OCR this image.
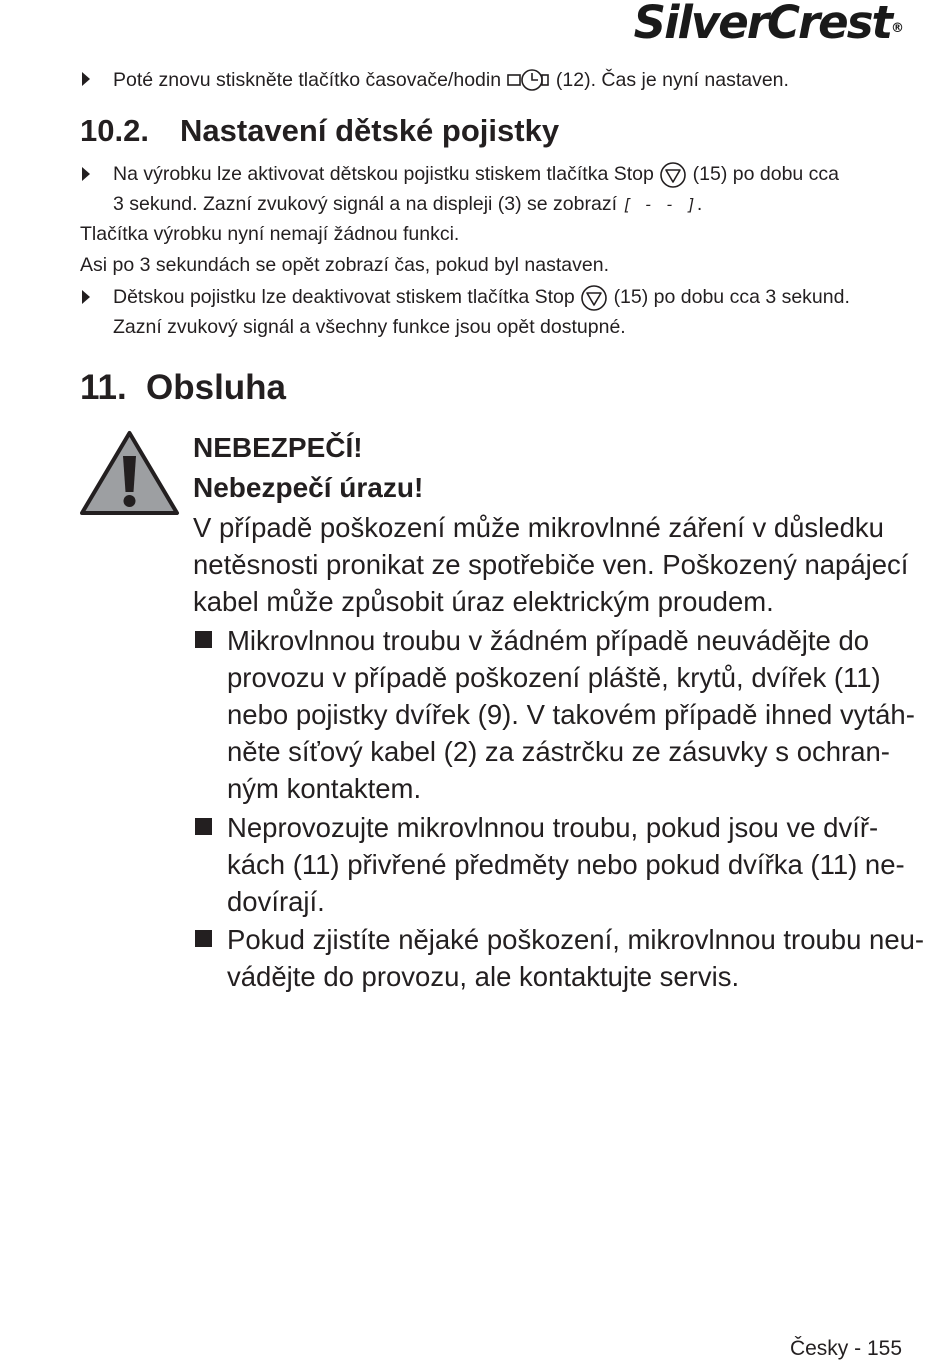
SilverCrest®
Poté znovu stiskněte tlačítko časovače/hodin	(12). Čas je nyní nastaven.
10.2. Nastavení dětské pojistky
Na výrobku lze aktivovat dětskou pojistku stiskem tlačítka Stop (15) po dobu cca
3 sekund. Zazní zvukový signál a na displeji (3) se zobrazí [ - - ].
Tlačítka výrobku nyní nemají žádnou funkci.
Asi po 3 sekundách se opět zobrazí čas, pokud byl nastaven.
Dětskou pojistku lze deaktivovat stiskem tlačítka Stop (15) po dobu cca 3 sekund.
Zazní zvukový signál a všechny funkce jsou opět dostupné.
11. Obsluha
NEBEZPEČÍ!
Nebezpečí úrazu!
V případě poškození může mikrovlnné záření v důsledku
netěsnosti pronikat ze spotřebiče ven. Poškozený napájecí
kabel může způsobit úraz elektrickým proudem.
Mikrovlnnou troubu v žádném případě neuvádějte do
provozu v případě poškození pláště, krytů, dvířek (11)
nebo pojistky dvířek (9). V takovém případě ihned vytáh-
něte síťový kabel (2) za zástrčku ze zásuvky s ochran-
ným kontaktem.
Neprovozujte mikrovlnnou troubu, pokud jsou ve dvíř-
kách (11) přivřené předměty nebo pokud dvířka (11) ne-
dovírají.
Pokud zjistíte nějaké poškození, mikrovlnnou troubu neu-
vádějte do provozu, ale kontaktujte servis.
Česky - 155
